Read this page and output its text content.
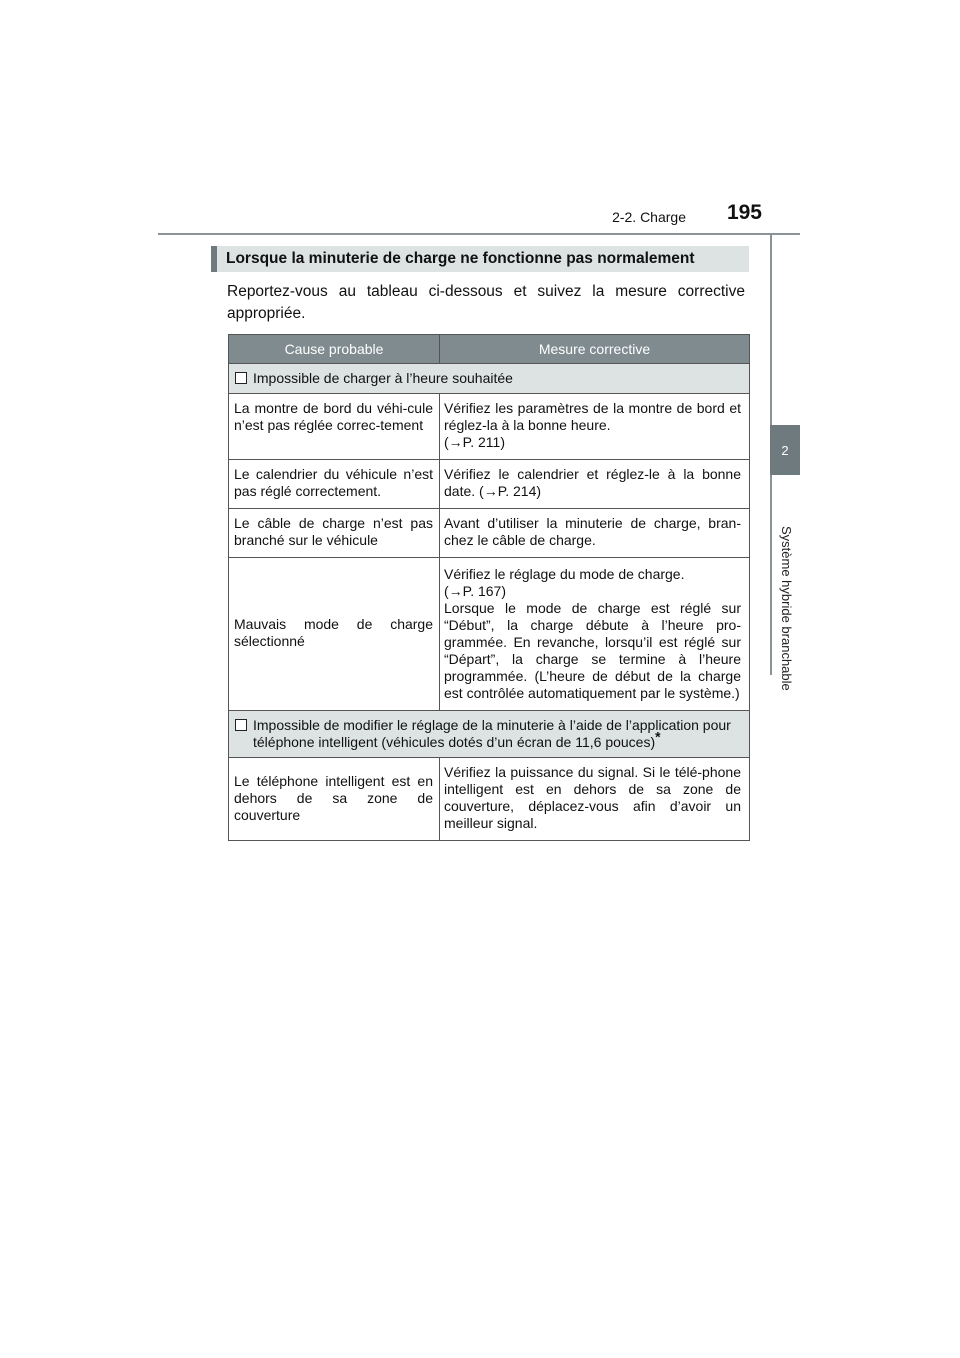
2-2. Charge 195
2
Système hybride branchable
Lorsque la minuterie de charge ne fonctionne pas normalement
Reportez-vous au tableau ci-dessous et suivez la mesure corrective appropriée.
Cause probable	Mesure corrective
Impossible de charger à l’heure souhaitée	
La montre de bord du véhi-cule n’est pas réglée correc-tement	Vérifiez les paramètres de la montre de bord et réglez-la à la bonne heure.
(→P. 211)
Le calendrier du véhicule n’est pas réglé correctement.	Vérifiez le calendrier et réglez-le à la bonne date. (→P. 214)
Le câble de charge n’est pas branché sur le véhicule	Avant d’utiliser la minuterie de charge, bran-chez le câble de charge.
Mauvais mode de charge sélectionné	Vérifiez le réglage du mode de charge.
(→P. 167)
Lorsque le mode de charge est réglé sur “Début”, la charge débute à l’heure pro-grammée. En revanche, lorsqu’il est réglé sur “Départ”, la charge se termine à l’heure programmée. (L’heure de début de la charge est contrôlée automatiquement par le système.)

Impossible de modifier le réglage de la minuterie à l’aide de l’application pour téléphone intelligent (véhicules dotés d’un écran de 11,6 pouces)*

Le téléphone intelligent est en dehors de sa zone de couverture	Vérifiez la puissance du signal. Si le télé-phone intelligent est en dehors de sa zone de couverture, déplacez-vous afin d’avoir un meilleur signal.
